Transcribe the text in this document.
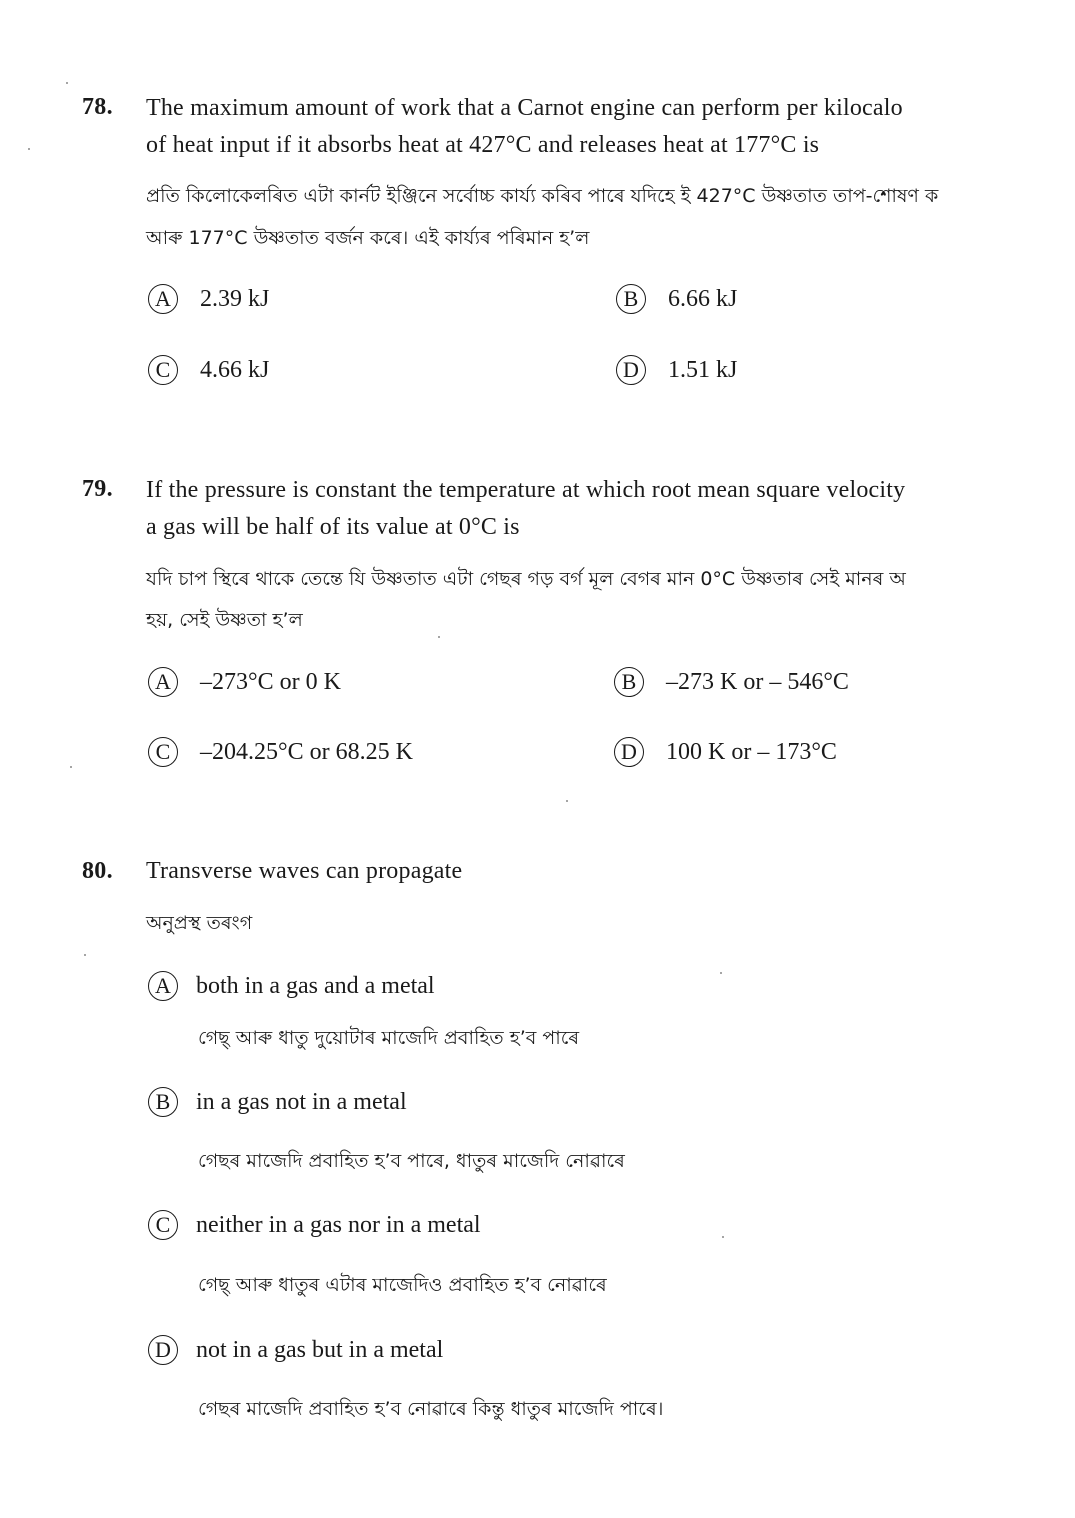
78. The maximum amount of work that a Carnot engine can perform per kilocalo
of heat input if it absorbs heat at 427°C and releases heat at 177°C is
প্ৰতি কিলোকেলৰিত এটা কাৰ্নট ইঞ্জিনে সৰ্বোচ্চ কাৰ্য্য কৰিব পাৰে যদিহে ই 427°C উষ্ণতাত তাপ-শোষণ ক
আৰু 177°C উষ্ণতাত বৰ্জন কৰে। এই কাৰ্য্যৰ পৰিমান হ’ল
A 2.39 kJ	B	6.66 kJ
C	4.66 kJ	D 1.51 kJ
79. If the pressure is constant the temperature at which root mean square velocity
a gas will be half of its value at 0°C is
যদি চাপ স্থিৰে থাকে তেন্তে যি উষ্ণতাত এটা গেছৰ গড় বৰ্গ মূল বেগৰ মান 0°C উষ্ণতাৰ সেই মানৰ অ
হয়, সেই উষ্ণতা হ’ল
A –273°C or 0 K	B	–273 K or – 546°C
C	–204.25°C or 68.25 K	D 100 K or – 173°C
80. Transverse waves can propagate
অনুপ্ৰস্থ তৰংগ
A both in a gas and a metal
গেছ্ আৰু ধাতু দুয়োটাৰ মাজেদি প্ৰবাহিত হ’ব পাৰে
B	in a gas not in a metal
গেছৰ মাজেদি প্ৰবাহিত হ’ব পাৰে, ধাতুৰ মাজেদি নোৱাৰে
C	neither in a gas nor in a metal
গেছ্ আৰু ধাতুৰ এটাৰ মাজেদিও প্ৰবাহিত হ’ব নোৱাৰে
D not in a gas but in a metal
গেছৰ মাজেদি প্ৰবাহিত হ’ব নোৱাৰে কিন্তু ধাতুৰ মাজেদি পাৰে।
